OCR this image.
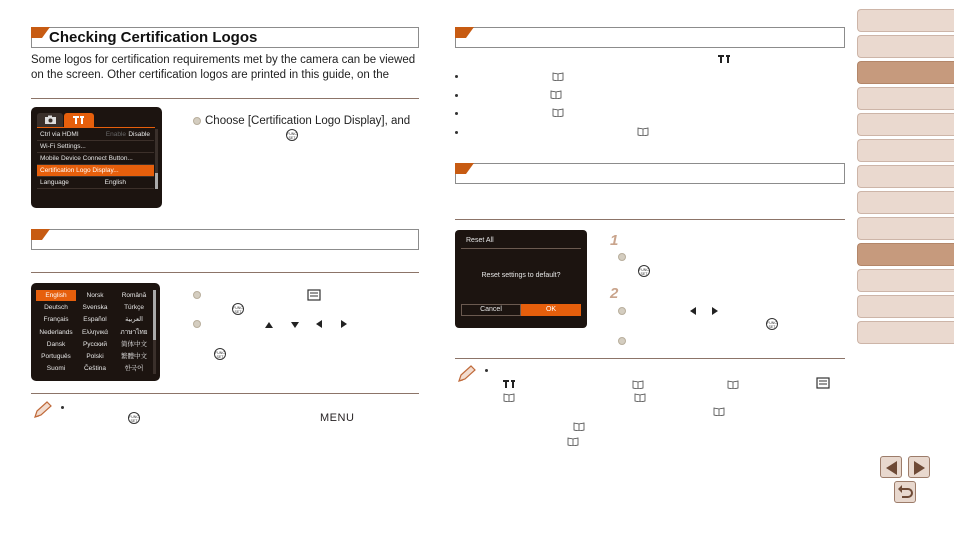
Checking Certification Logos
Some logos for certification requirements met by the camera can be viewed on the screen. Other certification logos are printed in this guide, on the
Ctrl via HDMI	Enable Disable
Wi-Fi Settings...
Mobile Device Connect Button...
Certification Logo Display...
Language	English
Choose [Certification Logo Display], and
FUNC
SET
English	Norsk	Română
Deutsch	Svenska	Türkçe
Français	Español	العربية
Nederlands	Ελληνικά	ภาษาไทย
Dansk	Русский	简体中文
Português	Polski	繁體中文
Suomi	Čeština	한국어
FUNC
SET
FUNC
SET
FUNC
SET	MENU
Reset All
Reset settings to default?
Cancel	OK
1
FUNC
SET
2
FUNC
SET
